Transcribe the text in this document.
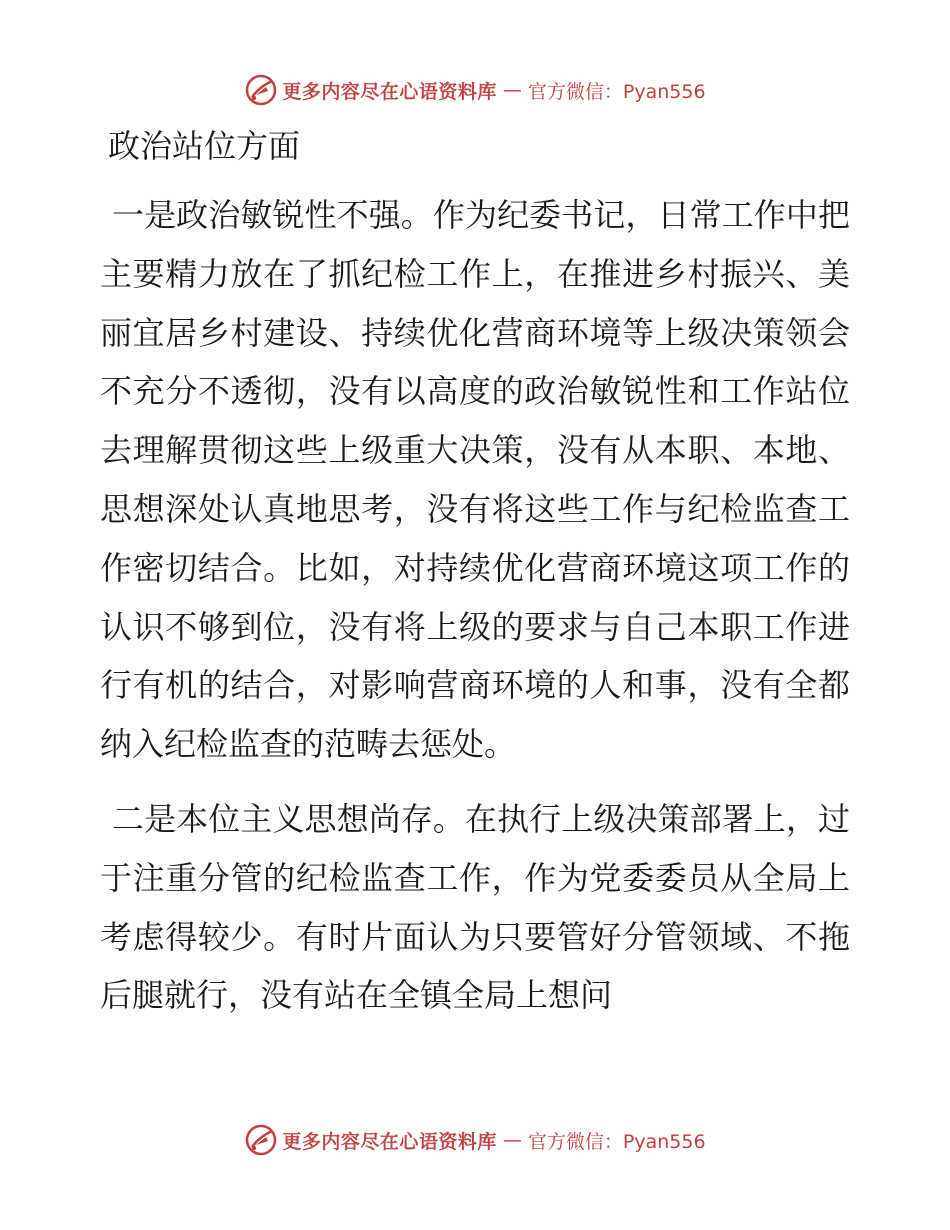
更多内容尽在心语资料库 — 官方微信：Pyan556
政治站位方面

一是政治敏锐性不强。作为纪委书记，日常工作中把主要精力放在了抓纪检工作上，在推进乡村振兴、美丽宜居乡村建设、持续优化营商环境等上级决策领会不充分不透彻，没有以高度的政治敏锐性和工作站位去理解贯彻这些上级重大决策，没有从本职、本地、思想深处认真地思考，没有将这些工作与纪检监查工作密切结合。比如，对持续优化营商环境这项工作的认识不够到位，没有将上级的要求与自己本职工作进行有机的结合，对影响营商环境的人和事，没有全都纳入纪检监查的范畴去惩处。

二是本位主义思想尚存。在执行上级决策部署上，过于注重分管的纪检监查工作，作为党委委员从全局上考虑得较少。有时片面认为只要管好分管领域、不拖后腿就行，没有站在全镇全局上想问

更多内容尽在心语资料库 — 官方微信：Pyan556
